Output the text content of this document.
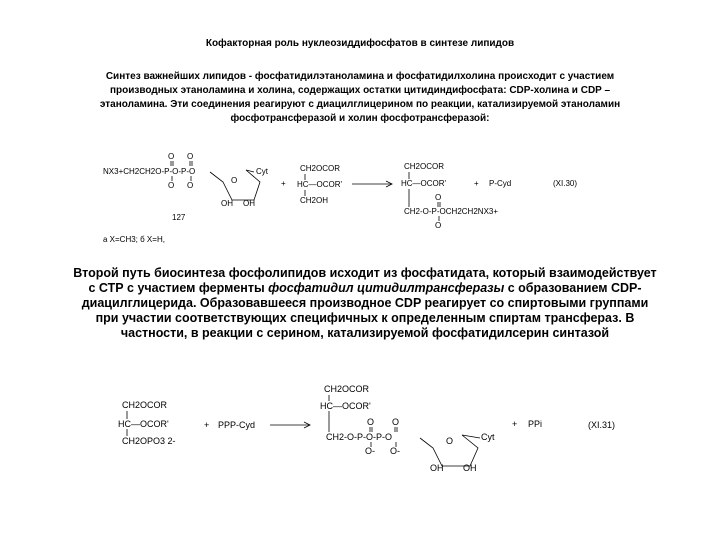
Кофакторная роль нуклеозиддифосфатов в синтезе липидов
Синтез важнейших липидов - фосфатидилэтаноламина и фосфатидилхолина происходит с участием
производных этаноламина и холина, содержащих остатки цитидиндифосфата: CDP-холина и CDP –
этаноламина. Эти соединения реагируют с диацилглицерином по реакции, катализируемой этаноламин
фосфотрансферазой и холин фосфотрансферазой:
O O
NX3+CH2CH2O-P-O-P-O
O O
O
Cyt
OH OH
127
а X=CH3; б X=H,
+
CH2OCOR
HC—OCOR'
CH2OH
CH2OCOR
HC—OCOR'	+ P-Cyd
O
CH2-O-P-OCH2CH2NX3+
O
(XI.30)
Второй путь биосинтеза фосфолипидов исходит из фосфатидата, который взаимодействует с СТР с участием ферменты фосфатидил цитидилтрансферазы с образованием CDP-диацилглицерида. Образовавшееся производное CDP реагирует со спиртовыми группами при участии соответствующих специфичных к определенным спиртам трансфераз. В частности, в реакции с серином, катализируемой фосфатидилсерин синтазой
CH2OCOR
HC—OCOR'
CH2OPO3 2-
+ PPP-Cyd
CH2OCOR
HC—OCOR'
O O
CH2-O-P-O-P-O
O- O-
O	Cyt
OH OH
+ PPi	(XI.31)
